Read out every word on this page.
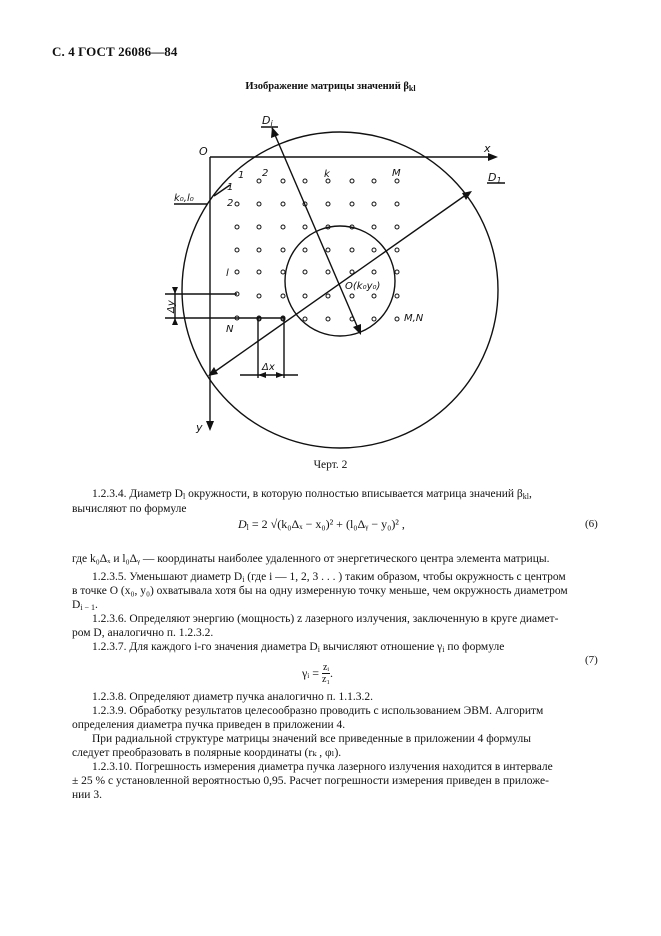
С. 4 ГОСТ 26086—84
Изображение матрицы значений $\beta_{kl}$
O	x
y
Di
D1
k₀,l₀
1 2	k	M
1
2
l
N
M,N
O(k₀y₀)
Δy
Δx
Черт. 2
1.2.3.4. Диаметр $D_l$ окружности, в которую полностью вписывается матрица значений $\beta_{kl}$,
вычисляют по формуле
$D_l = 2$ √(k₀Δₓ − x₀)² + (l₀Δᵧ − y₀)² ,	(6)
где k₀Δₓ и l₀Δᵧ — координаты наиболее удаленного от энергетического центра элемента матрицы.
1.2.3.5. Уменьшают диаметр $D_i$ (где i — 1, 2, 3 . . . ) таким образом, чтобы окружность с центром
в точке O (x₀, y₀) охватывала хотя бы на одну измеренную точку меньше, чем окружность диаметром
$D_{i - 1}$.
1.2.3.6. Определяют энергию (мощность) z лазерного излучения, заключенную в круге диамет-
ром D, аналогично п. 1.2.3.2.
1.2.3.7. Для каждого i-го значения диаметра $D_i$ вычисляют отношение $\gamma_i$ по формуле
γᵢ = $\frac{\text{zᵢ}}{\text{z₁}}$ .
(7)
1.2.3.8. Определяют диаметр пучка аналогично п. 1.1.3.2.
1.2.3.9. Обработку результатов целесообразно проводить с использованием ЭВМ. Алгоритм
определения диаметра пучка приведен в приложении 4.
При радиальной структуре матрицы значений все приведенные в приложении 4 формулы
следует преобразовать в полярные координаты (rₖ , φₗ).
1.2.3.10. Погрешность измерения диаметра пучка лазерного излучения находится в интервале
± 25 % с установленной вероятностью 0,95. Расчет погрешности измерения приведен в приложе-
нии 3.
